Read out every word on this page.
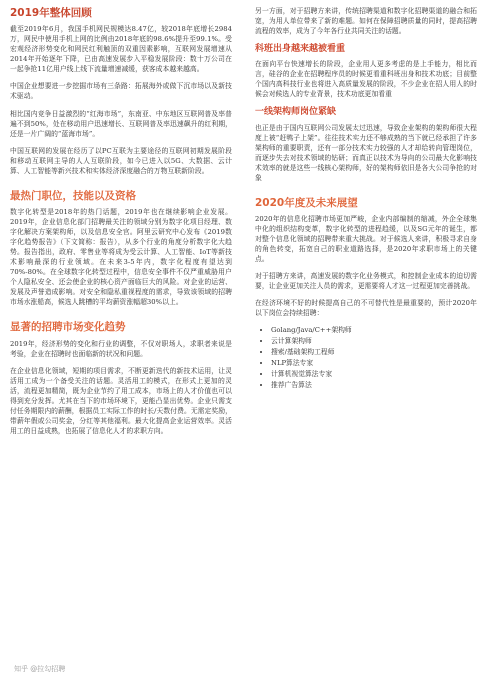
2019年整体回顾

截至2019年6月，我国手机网民规模达8.47亿，较2018年底增长2984万，网民中使用手机上网的比例由2018年底的98.6%提升至99.1%。受宏观经济形势变化和网民红利触顶的双重因素影响，互联网发展增速从2014年开始逐年下降，已由高速发展步入平稳发展阶段：数十万公司在一起争抢11亿用户线上线下流量增速减缓，获客成本越来越高。

中国企业想要进一步挖掘市场有三条路：拓展海外或做下沉市场以及新技术驱动。

相比国内竞争日益激烈的“红海市场”，东南亚、中东地区互联网普及率普遍不到50%，处在移动用户迅速增长、互联网普及率迅速飙升的红利期，还是一片广阔的“蓝海市场”。

中国互联网的发展在经历了以PC互联为主要途径的互联网初期发展阶段和移动互联网主导的人人互联阶段，如今已进入以5G、大数据、云计算、人工智能等新兴技术和实体经济深度融合的万物互联新阶段。

最热门职位，技能以及资格

数字化转型是2018年的热门话题，2019年也在继续影响企业发展。2019年，企业信息化部门招聘最关注的领域分别为数字化项目经理、数字化解决方案架构师，以及信息安全官。阿里云研究中心发布《2019数字化趋势报告》（下文简称：报告），从多个行业的角度分析数字化大趋势。报告指出，政府、零售业等将成为受云计算、人工智能、IoT等新技术影响最深的行业领域。在未来3-5年内，数字化程度有望达到70%-80%。在全球数字化转型过程中，信息安全事件不仅严重威胁用户个人隐私安全、还会使企业的核心资产面临巨大的风险。对企业的运营、发展及声誉造成影响。对安全和隐私重视程度的需求，导致该领域的招聘市场水涨船高，候选人跳槽的平均薪资涨幅超30%以上。

显著的招聘市场变化趋势

2019年，经济形势的变化和行业的调整，不仅对职场人，求职者来说是考验，企业在招聘时也面临新的状况和问题。

在企业信息化领域，短期的项目需求，不断更新迭代的新技术运用，让灵活用工成为一个备受关注的话题。灵活用工的模式，在形式上更加的灵活，流程更加精简，既为企业节约了用工成本，市场上的人才价值也可以得到充分发挥。尤其在当下的市场环境下，更能凸显出优势。企业只需支付任务期限内的薪酬，根据员工实际工作的时长/天数付费。无需定奖励，带薪年假或公司奖金，分红等其他福利。最大化提高企业运营效率。灵活用工的日益成熟，也拓展了信息化人才的求职方向。

另一方面，对于招聘方来讲，传统招聘渠道和数字化招聘渠道的融合和拓宽，为用人单位带来了新的难题。如何在保障招聘质量的同时，提高招聘流程的效率，成为了今年各行业共同关注的话题。

科班出身越来越被看重

在面向平台快速增长的阶段，企业用人更多考虑的是上手能力，相比而言，硅谷的企业在招聘程序员的时候更看重科班出身和技术功底；目前整个国内高科技行业也将进入高质量发展的阶段，不少企业在招人用人的时候会对候选人的专业背景，技术功底更加看重

一线架构师岗位紧缺

也正是由于国内互联网公司发展太过迅速，导致企业架构的架构师很大程度上被“赶鸭子上架”。往往技术实力还不够成熟的当下就已经承担了许多架构师的重要职责，还有一部分技术实力较强的人才却给转向管理岗位，而逐步失去对技术领域的钻研；而真正以技术为导向的公司最大化影响技术效率的就是这些一线核心架构师，好的架构师依旧是各大公司争抢的对象

2020年度及未来展望

2020年的信息化招聘市场更加严峻，企业内部编制的缩减，外企全球集中化的组织结构变革，数字化转型的进程趋缓，以及SG元年的诞生，都对整个信息化领域的招聘带来重大挑战。对于候选人来讲，积极寻求自身的角色转变，拓宽自己的职业道路选择，是2020年求职市场上的关键点。

对于招聘方来讲，高速发展的数字化业务模式，和控制企业成本的迫切需要，让企业更加关注人员的需求，更需要将人才这一过程更加完善挑战。

在经济环境不好的时候提高自己的不可替代性是最重要的，预计2020年以下岗位会持续招聘：

• Golang/Java/C++架构师
• 云计算架构师
• 搜索/基础架构工程师
• NLP算法专家
• 计算机视觉算法专家
• 推荐广告算法
知乎 @拉勾招聘
